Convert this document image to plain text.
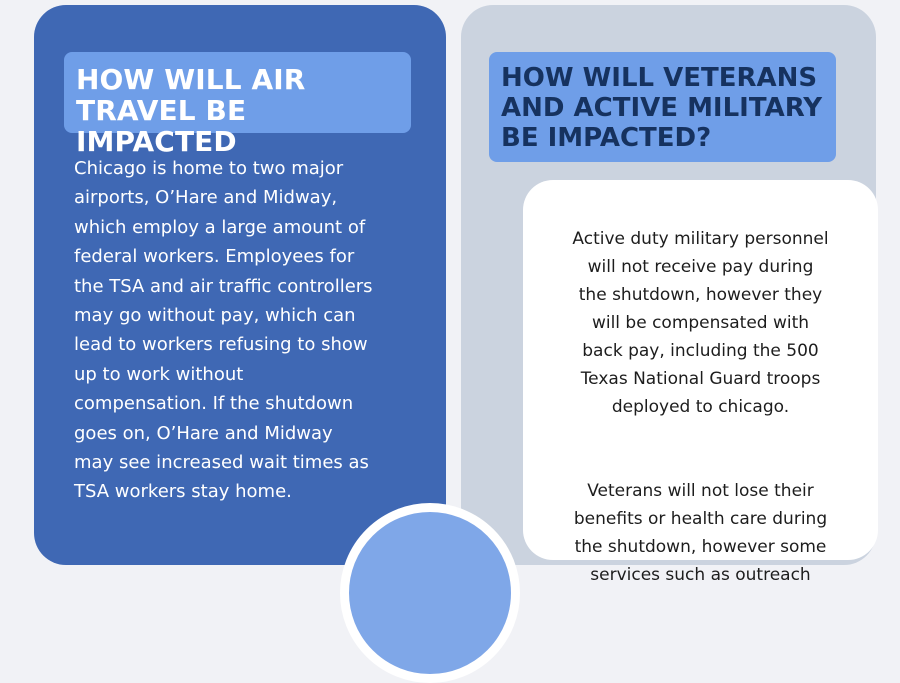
HOW WILL AIR
TRAVEL BE IMPACTED
Chicago is home to two major
airports, O’Hare and Midway,
which employ a large amount of
federal workers. Employees for
the TSA and air traffic controllers
may go without pay, which can
lead to workers refusing to show
up to work without
compensation. If the shutdown
goes on, O’Hare and Midway
may see increased wait times as
TSA workers stay home.
HOW WILL VETERANS
AND ACTIVE MILITARY
BE IMPACTED?

Active duty military personnel
will not receive pay during
the shutdown, however they
will be compensated with
back pay, including the 500
Texas National Guard troops
deployed to chicago.

Veterans will not lose their
benefits or health care during
the shutdown, however some
services such as outreach
